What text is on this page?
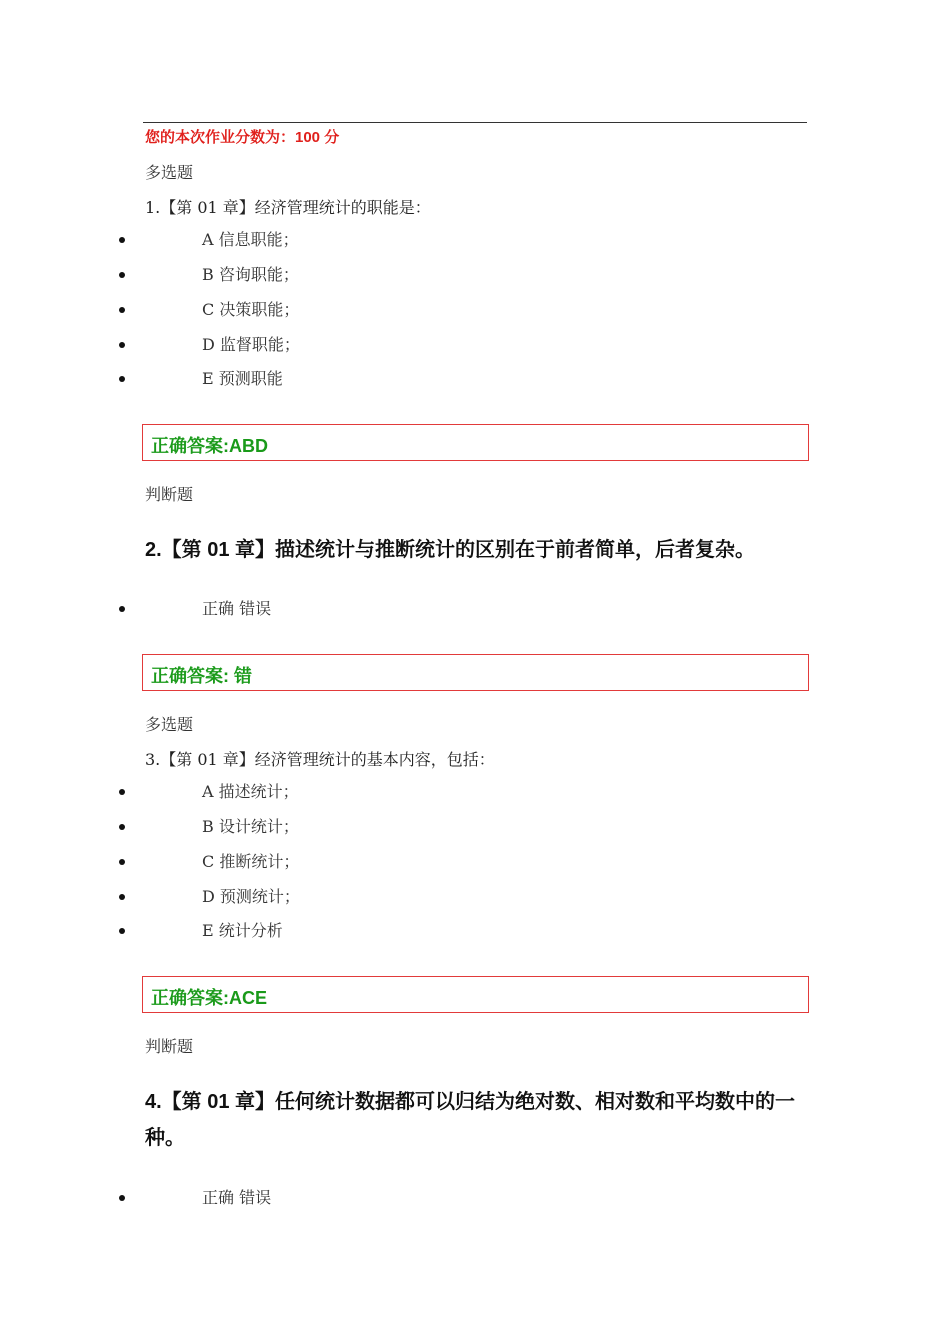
您的本次作业分数为：100 分
多选题
1.【第 01 章】经济管理统计的职能是：
A 信息职能；
B 咨询职能；
C 决策职能；
D 监督职能；
E 预测职能
正确答案:ABD
判断题
2.【第 01 章】描述统计与推断统计的区别在于前者简单，后者复杂。
正确 错误
正确答案: 错
多选题
3.【第 01 章】经济管理统计的基本内容，包括：
A 描述统计；
B 设计统计；
C 推断统计；
D 预测统计；
E 统计分析
正确答案:ACE
判断题
4.【第 01 章】任何统计数据都可以归结为绝对数、相对数和平均数中的一种。
正确 错误
